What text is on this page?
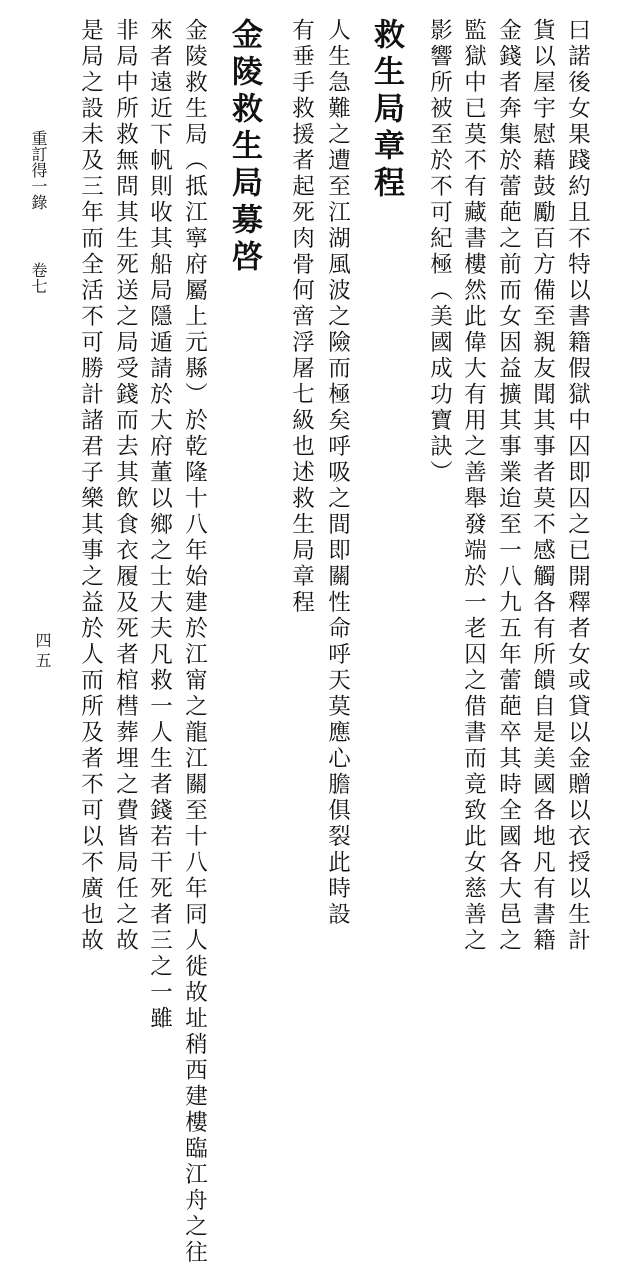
曰諾後女果踐約且不特以書籍假獄中囚即囚之已開釋者女或貸以金贈以衣授以生計
貨以屋宇慰藉鼓勵百方備至親友聞其事者莫不感觸各有所饋自是美國各地凡有書籍
金錢者奔集於蕾葩之前而女因益擴其事業迨至一八九五年蕾葩卒其時全國各大邑之
監獄中已莫不有藏書樓然此偉大有用之善舉發端於一老囚之借書而竟致此女慈善之
影響所被至於不可紀極（美國成功寶訣）
救生局章程
人生急難之遭至江湖風波之險而極矣呼吸之間即關性命呼天莫應心膽俱裂此時設
有垂手救援者起死肉骨何啻浮屠七級也述救生局章程
金陵救生局募啓
金陵救生局（抵江寧府屬上元縣）於乾隆十八年始建於江甯之龍江關至十八年同人徙故址稍西建樓臨江舟之往
來者遠近下帆則收其船局隱遁請於大府董以鄉之士大夫凡救一人生者錢若干死者三之一雖
非局中所救無問其生死送之局受錢而去其飲食衣履及死者棺槥葬埋之費皆局任之故
是局之設未及三年而全活不可勝計諸君子樂其事之益於人而所及者不可以不廣也故
重訂得一錄卷七
四五
